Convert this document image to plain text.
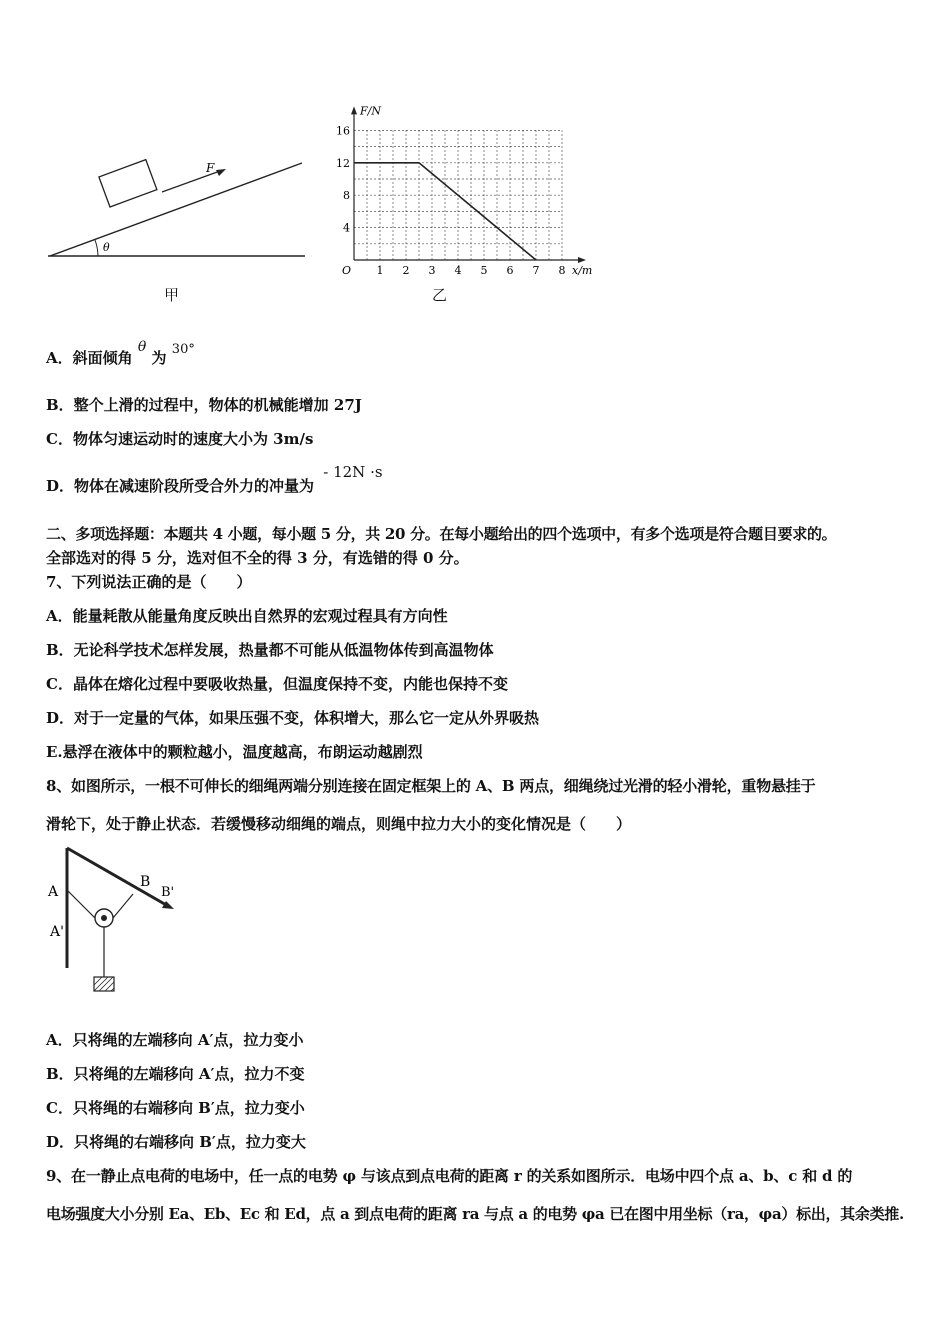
θ
F
甲
1 2 3 4 5 6 7 8
4
8
12
16
O	x/m
F/N
乙
A．斜面倾角 θ 为 30°
B．整个上滑的过程中，物体的机械能增加 27J
C．物体匀速运动时的速度大小为 3m/s
D．物体在减速阶段所受合外力的冲量为 - 12N ·s
二、多项选择题：本题共 4 小题，每小题 5 分，共 20 分。在每小题给出的四个选项中，有多个选项是符合题目要求的。
全部选对的得 5 分，选对但不全的得 3 分，有选错的得 0 分。
7、下列说法正确的是（　　）
A．能量耗散从能量角度反映出自然界的宏观过程具有方向性
B．无论科学技术怎样发展，热量都不可能从低温物体传到高温物体
C．晶体在熔化过程中要吸收热量，但温度保持不变，内能也保持不变
D．对于一定量的气体，如果压强不变，体积增大，那么它一定从外界吸热
E.悬浮在液体中的颗粒越小，温度越高，布朗运动越剧烈
8、如图所示，一根不可伸长的细绳两端分别连接在固定框架上的 A、B 两点，细绳绕过光滑的轻小滑轮，重物悬挂于
滑轮下，处于静止状态．若缓慢移动细绳的端点，则绳中拉力大小的变化情况是（　　）
A
A'
B
B'
A．只将绳的左端移向 A′点，拉力变小
B．只将绳的左端移向 A′点，拉力不变
C．只将绳的右端移向 B′点，拉力变小
D．只将绳的右端移向 B′点，拉力变大
9、在一静止点电荷的电场中，任一点的电势 φ 与该点到点电荷的距离 r 的关系如图所示．电场中四个点 a、b、c 和 d 的
电场强度大小分别 Ea、Eb、Ec 和 Ed，点 a 到点电荷的距离 ra 与点 a 的电势 φa 已在图中用坐标（ra，φa）标出，其余类推.
